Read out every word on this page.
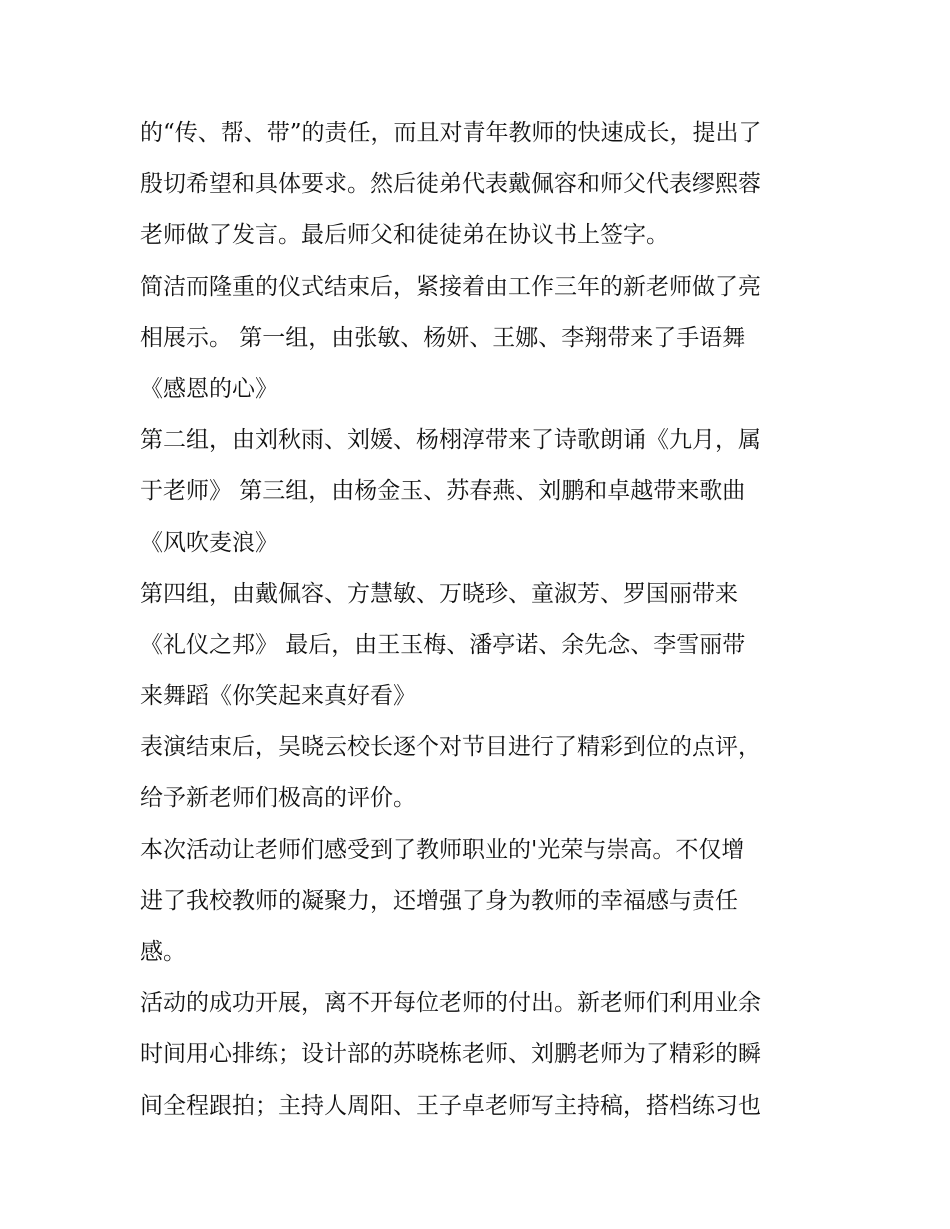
的“传、帮、带”的责任，而且对青年教师的快速成长，提出了
殷切希望和具体要求。然后徒弟代表戴佩容和师父代表缪熙蓉
老师做了发言。最后师父和徒徒弟在协议书上签字。
简洁而隆重的仪式结束后，紧接着由工作三年的新老师做了亮
相展示。 第一组，由张敏、杨妍、王娜、李翔带来了手语舞
《感恩的心》
第二组，由刘秋雨、刘媛、杨栩淳带来了诗歌朗诵《九月，属
于老师》 第三组，由杨金玉、苏春燕、刘鹏和卓越带来歌曲
《风吹麦浪》
第四组，由戴佩容、方慧敏、万晓珍、童淑芳、罗国丽带来
《礼仪之邦》 最后，由王玉梅、潘亭诺、余先念、李雪丽带
来舞蹈《你笑起来真好看》
表演结束后，吴晓云校长逐个对节目进行了精彩到位的点评，
给予新老师们极高的评价。
本次活动让老师们感受到了教师职业的'光荣与崇高。不仅增
进了我校教师的凝聚力，还增强了身为教师的幸福感与责任
感。
活动的成功开展，离不开每位老师的付出。新老师们利用业余
时间用心排练；设计部的苏晓栋老师、刘鹏老师为了精彩的瞬
间全程跟拍；主持人周阳、王子卓老师写主持稿，搭档练习也
